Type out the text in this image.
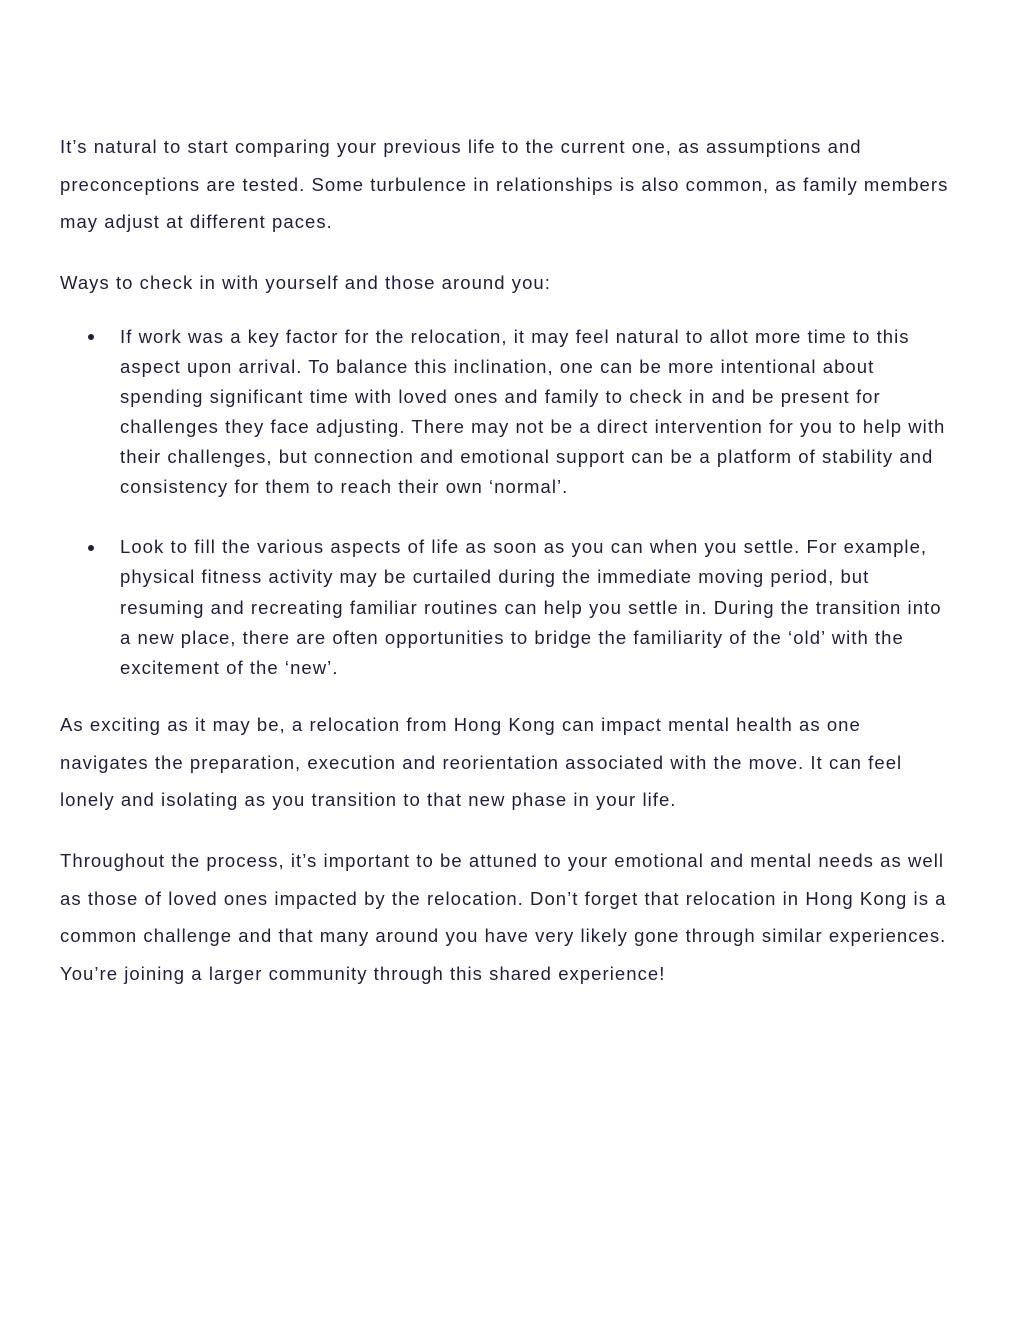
It’s natural to start comparing your previous life to the current one, as assumptions and preconceptions are tested. Some turbulence in relationships is also common, as family members may adjust at different paces.

Ways to check in with yourself and those around you:

If work was a key factor for the relocation, it may feel natural to allot more time to this aspect upon arrival. To balance this inclination, one can be more intentional about spending significant time with loved ones and family to check in and be present for challenges they face adjusting. There may not be a direct intervention for you to help with their challenges, but connection and emotional support can be a platform of stability and consistency for them to reach their own ‘normal’.
Look to fill the various aspects of life as soon as you can when you settle. For example, physical fitness activity may be curtailed during the immediate moving period, but resuming and recreating familiar routines can help you settle in. During the transition into a new place, there are often opportunities to bridge the familiarity of the ‘old’ with the excitement of the ‘new’.

As exciting as it may be, a relocation from Hong Kong can impact mental health as one navigates the preparation, execution and reorientation associated with the move. It can feel lonely and isolating as you transition to that new phase in your life.

Throughout the process, it’s important to be attuned to your emotional and mental needs as well as those of loved ones impacted by the relocation. Don’t forget that relocation in Hong Kong is a common challenge and that many around you have very likely gone through similar experiences. You’re joining a larger community through this shared experience!
